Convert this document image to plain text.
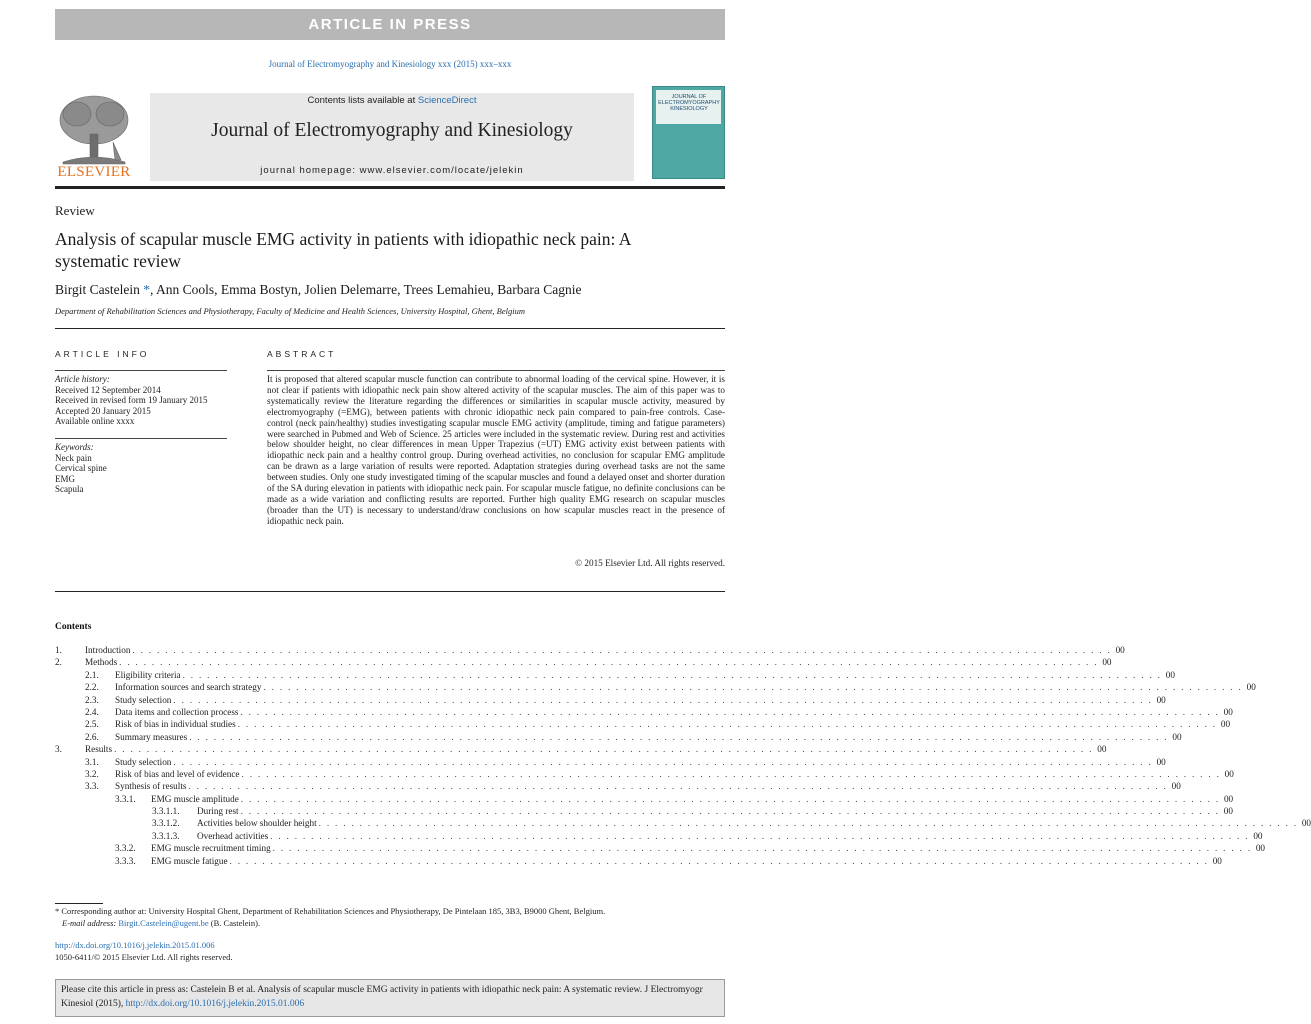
ARTICLE IN PRESS
Journal of Electromyography and Kinesiology xxx (2015) xxx–xxx
Contents lists available at ScienceDirect
Journal of Electromyography and Kinesiology
journal homepage: www.elsevier.com/locate/jelekin
ELSEVIER
JOURNAL OF ELECTROMYOGRAPHY KINESIOLOGY
Review
Analysis of scapular muscle EMG activity in patients with idiopathic neck pain: A systematic review
Birgit Castelein *, Ann Cools, Emma Bostyn, Jolien Delemarre, Trees Lemahieu, Barbara Cagnie
Department of Rehabilitation Sciences and Physiotherapy, Faculty of Medicine and Health Sciences, University Hospital, Ghent, Belgium
ARTICLE INFO	ABSTRACT
Article history:
Received 12 September 2014
Received in revised form 19 January 2015
Accepted 20 January 2015
Available online xxxx
Keywords:
Neck pain
Cervical spine
EMG
Scapula
It is proposed that altered scapular muscle function can contribute to abnormal loading of the cervical spine. However, it is not clear if patients with idiopathic neck pain show altered activity of the scapular muscles. The aim of this paper was to systematically review the literature regarding the differences or similarities in scapular muscle activity, measured by electromyography (=EMG), between patients with chronic idiopathic neck pain compared to pain-free controls. Case-control (neck pain/healthy) studies investigating scapular muscle EMG activity (amplitude, timing and fatigue parameters) were searched in Pubmed and Web of Science. 25 articles were included in the systematic review. During rest and activities below shoulder height, no clear differences in mean Upper Trapezius (=UT) EMG activity exist between patients with idiopathic neck pain and a healthy control group. During overhead activities, no conclusion for scapular EMG amplitude can be drawn as a large variation of results were reported. Adaptation strategies during overhead tasks are not the same between studies. Only one study investigated timing of the scapular muscles and found a delayed onset and shorter duration of the SA during elevation in patients with idiopathic neck pain. For scapular muscle fatigue, no definite conclusions can be made as a wide variation and conflicting results are reported. Further high quality EMG research on scapular muscles (broader than the UT) is necessary to understand/draw conclusions on how scapular muscles react in the presence of idiopathic neck pain.
© 2015 Elsevier Ltd. All rights reserved.
Contents
1.	Introduction . . . . . . . . . . . . . . . . . . . . . . . . . . . . . . . . . . . . . . . . . . . . . . . . . . . . . . . . . . . . . . . . . . . . . . . . . . . . . . . . . . . . . . . . . . . . . . . . . . . . . . . . . . . . . . . . . . . . . . . . 00
2.	Methods . . . . . . . . . . . . . . . . . . . . . . . . . . . . . . . . . . . . . . . . . . . . . . . . . . . . . . . . . . . . . . . . . . . . . . . . . . . . . . . . . . . . . . . . . . . . . . . . . . . . . . . . . . . . . . . . . . . . . . . . 00
2.1.	Eligibility criteria . . . . . . . . . . . . . . . . . . . . . . . . . . . . . . . . . . . . . . . . . . . . . . . . . . . . . . . . . . . . . . . . . . . . . . . . . . . . . . . . . . . . . . . . . . . . . . . . . . . . . . . . . . . . . . . . . . . . . . . . 00
2.2.	Information sources and search strategy . . . . . . . . . . . . . . . . . . . . . . . . . . . . . . . . . . . . . . . . . . . . . . . . . . . . . . . . . . . . . . . . . . . . . . . . . . . . . . . . . . . . . . . . . . . . . . . . . . . . . . . . . . . . . . . . . . . . . . . . 00
2.3.	Study selection . . . . . . . . . . . . . . . . . . . . . . . . . . . . . . . . . . . . . . . . . . . . . . . . . . . . . . . . . . . . . . . . . . . . . . . . . . . . . . . . . . . . . . . . . . . . . . . . . . . . . . . . . . . . . . . . . . . . . . . . 00
2.4.	Data items and collection process . . . . . . . . . . . . . . . . . . . . . . . . . . . . . . . . . . . . . . . . . . . . . . . . . . . . . . . . . . . . . . . . . . . . . . . . . . . . . . . . . . . . . . . . . . . . . . . . . . . . . . . . . . . . . . . . . . . . . . . . 00
2.5.	Risk of bias in individual studies . . . . . . . . . . . . . . . . . . . . . . . . . . . . . . . . . . . . . . . . . . . . . . . . . . . . . . . . . . . . . . . . . . . . . . . . . . . . . . . . . . . . . . . . . . . . . . . . . . . . . . . . . . . . . . . . . . . . . . . . 00
2.6.	Summary measures . . . . . . . . . . . . . . . . . . . . . . . . . . . . . . . . . . . . . . . . . . . . . . . . . . . . . . . . . . . . . . . . . . . . . . . . . . . . . . . . . . . . . . . . . . . . . . . . . . . . . . . . . . . . . . . . . . . . . . . . 00
3.	Results . . . . . . . . . . . . . . . . . . . . . . . . . . . . . . . . . . . . . . . . . . . . . . . . . . . . . . . . . . . . . . . . . . . . . . . . . . . . . . . . . . . . . . . . . . . . . . . . . . . . . . . . . . . . . . . . . . . . . . . . 00
3.1.	Study selection . . . . . . . . . . . . . . . . . . . . . . . . . . . . . . . . . . . . . . . . . . . . . . . . . . . . . . . . . . . . . . . . . . . . . . . . . . . . . . . . . . . . . . . . . . . . . . . . . . . . . . . . . . . . . . . . . . . . . . . . 00
3.2.	Risk of bias and level of evidence . . . . . . . . . . . . . . . . . . . . . . . . . . . . . . . . . . . . . . . . . . . . . . . . . . . . . . . . . . . . . . . . . . . . . . . . . . . . . . . . . . . . . . . . . . . . . . . . . . . . . . . . . . . . . . . . . . . . . . . . 00
3.3.	Synthesis of results . . . . . . . . . . . . . . . . . . . . . . . . . . . . . . . . . . . . . . . . . . . . . . . . . . . . . . . . . . . . . . . . . . . . . . . . . . . . . . . . . . . . . . . . . . . . . . . . . . . . . . . . . . . . . . . . . . . . . . . . 00
3.3.1.	EMG muscle amplitude . . . . . . . . . . . . . . . . . . . . . . . . . . . . . . . . . . . . . . . . . . . . . . . . . . . . . . . . . . . . . . . . . . . . . . . . . . . . . . . . . . . . . . . . . . . . . . . . . . . . . . . . . . . . . . . . . . . . . . . . 00
3.3.1.1.	During rest . . . . . . . . . . . . . . . . . . . . . . . . . . . . . . . . . . . . . . . . . . . . . . . . . . . . . . . . . . . . . . . . . . . . . . . . . . . . . . . . . . . . . . . . . . . . . . . . . . . . . . . . . . . . . . . . . . . . . . . . 00
3.3.1.2.	Activities below shoulder height . . . . . . . . . . . . . . . . . . . . . . . . . . . . . . . . . . . . . . . . . . . . . . . . . . . . . . . . . . . . . . . . . . . . . . . . . . . . . . . . . . . . . . . . . . . . . . . . . . . . . . . . . . . . . . . . . . . . . . . . 00
3.3.1.3.	Overhead activities . . . . . . . . . . . . . . . . . . . . . . . . . . . . . . . . . . . . . . . . . . . . . . . . . . . . . . . . . . . . . . . . . . . . . . . . . . . . . . . . . . . . . . . . . . . . . . . . . . . . . . . . . . . . . . . . . . . . . . . . 00
3.3.2.	EMG muscle recruitment timing . . . . . . . . . . . . . . . . . . . . . . . . . . . . . . . . . . . . . . . . . . . . . . . . . . . . . . . . . . . . . . . . . . . . . . . . . . . . . . . . . . . . . . . . . . . . . . . . . . . . . . . . . . . . . . . . . . . . . . . . 00
3.3.3.	EMG muscle fatigue . . . . . . . . . . . . . . . . . . . . . . . . . . . . . . . . . . . . . . . . . . . . . . . . . . . . . . . . . . . . . . . . . . . . . . . . . . . . . . . . . . . . . . . . . . . . . . . . . . . . . . . . . . . . . . . . . . . . . . . . 00
* Corresponding author at: University Hospital Ghent, Department of Rehabilitation Sciences and Physiotherapy, De Pintelaan 185, 3B3, B9000 Ghent, Belgium.
E-mail address: Birgit.Castelein@ugent.be (B. Castelein).
http://dx.doi.org/10.1016/j.jelekin.2015.01.006
1050-6411/© 2015 Elsevier Ltd. All rights reserved.
Please cite this article in press as: Castelein B et al. Analysis of scapular muscle EMG activity in patients with idiopathic neck pain: A systematic review. J Electromyogr Kinesiol (2015), http://dx.doi.org/10.1016/j.jelekin.2015.01.006
